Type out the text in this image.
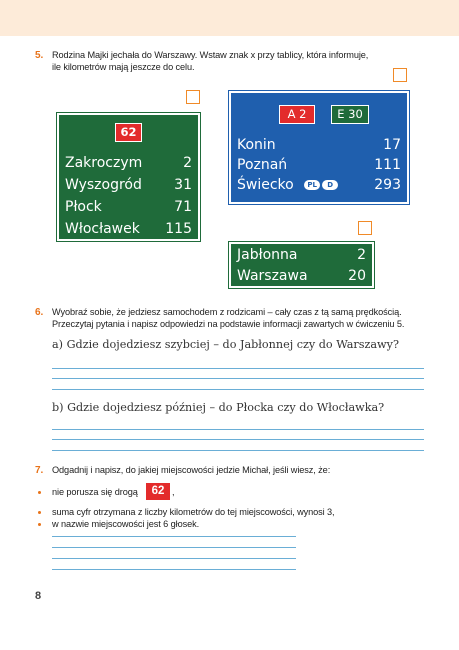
5. Rodzina Majki jechała do Warszawy. Wstaw znak x przy tablicy, która informuje,
ile kilometrów mają jeszcze do celu.
62
Zakroczym	2
Wyszogród 31
Płock	71
Włocławek 115
A 2	E 30
Konin	17
Poznań	111
Świecko PL D	293
Jabłonna	2
Warszawa	20
6. Wyobraź sobie, że jedziesz samochodem z rodzicami – cały czas z tą samą prędkością.
Przeczytaj pytania i napisz odpowiedzi na podstawie informacji zawartych w ćwiczeniu 5.
a) Gdzie dojedziesz szybciej – do Jabłonnej czy do Warszawy?
b) Gdzie dojedziesz później – do Płocka czy do Włocławka?
7. Odgadnij i napisz, do jakiej miejscowości jedzie Michał, jeśli wiesz, że:
nie porusza się drogą	62 ,
suma cyfr otrzymana z liczby kilometrów do tej miejscowości, wynosi 3,
w nazwie miejscowości jest 6 głosek.
8
